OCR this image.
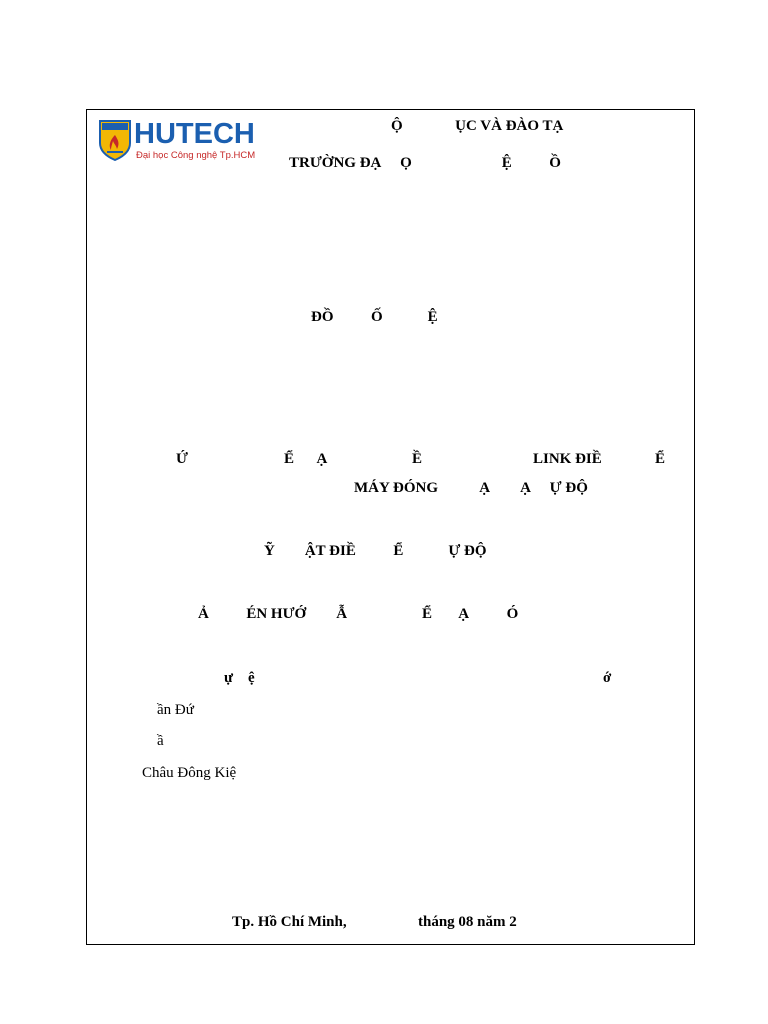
HUTECH
Đại học Công nghệ Tp.HCM
Ộ              ỤC VÀ ĐÀO TẠ
TRƯỜNG ĐẠ     Ọ                        Ệ          Ồ
ĐỒ          Ố            Ệ
Ứ	Ể      Ạ	Ề	LINK ĐIỀ	Ể
MÁY ĐÓNG           Ạ        Ạ     Ự ĐỘ
Ỹ        ẬT ĐIỀ          Ể            Ự ĐỘ
Ả          ÉN HƯỚ        Ẫ                    Ể       Ạ          Ó
ự    ệ	ớ
ần Đứ
ầ
Châu Đông Kiệ
Tp. Hồ Chí Minh,	tháng 08 năm 2
